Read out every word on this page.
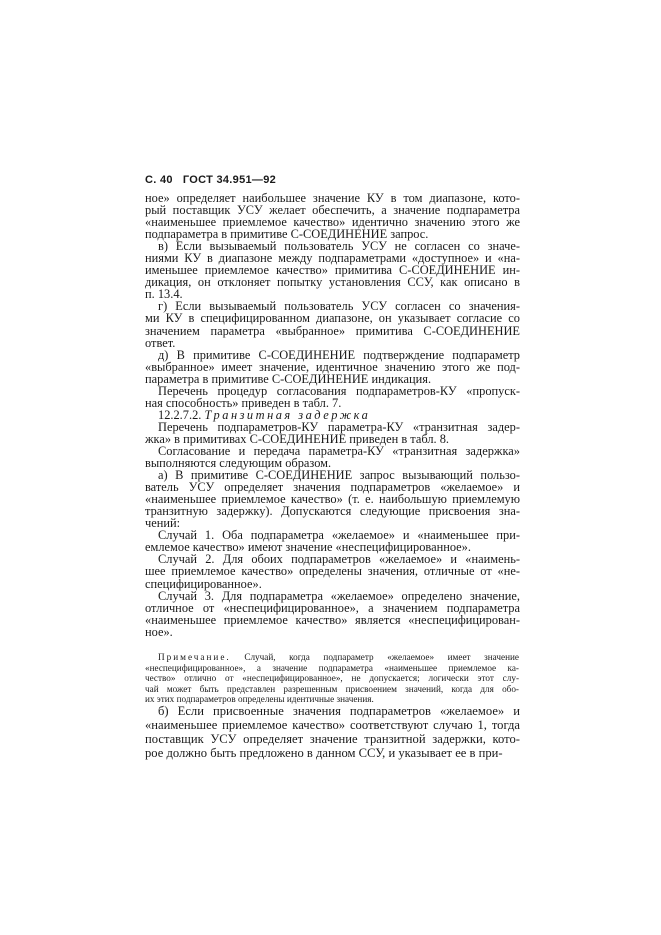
С. 40 ГОСТ 34.951—92
ное» определяет наибольшее значение КУ в том диапазоне, кото-
рый поставщик УСУ желает обеспечить, а значение подпараметра
«наименьшее приемлемое качество» идентично значению этого же
подпараметра в примитиве С-СОЕДИНЕНИЕ запрос.
в) Если вызываемый пользователь УСУ не согласен со значе-
ниями КУ в диапазоне между подпараметрами «доступное» и «на-
именьшее приемлемое качество» примитива С-СОЕДИНЕНИЕ ин-
дикация, он отклоняет попытку установления ССУ, как описано в
п. 13.4.
г) Если вызываемый пользователь УСУ согласен со значения-
ми КУ в специфицированном диапазоне, он указывает согласие со
значением параметра «выбранное» примитива С-СОЕДИНЕНИЕ
ответ.
д) В примитиве С-СОЕДИНЕНИЕ подтверждение подпараметр
«выбранное» имеет значение, идентичное значению этого же под-
параметра в примитиве С-СОЕДИНЕНИЕ индикация.
Перечень процедур согласования подпараметров-КУ «пропуск-
ная способность» приведен в табл. 7.
12.2.7.2. Транзитная задержка
Перечень подпараметров-КУ параметра-КУ «транзитная задер-
жка» в примитивах С-СОЕДИНЕНИЕ приведен в табл. 8.
Согласование и передача параметра-КУ «транзитная задержка»
выполняются следующим образом.
а) В примитиве С-СОЕДИНЕНИЕ запрос вызывающий пользо-
ватель УСУ определяет значения подпараметров «желаемое» и
«наименьшее приемлемое качество» (т. е. наибольшую приемлемую
транзитную задержку). Допускаются следующие присвоения зна-
чений:
Случай 1. Оба подпараметра «желаемое» и «наименьшее при-
емлемое качество» имеют значение «неспецифицированное».
Случай 2. Для обоих подпараметров «желаемое» и «наимень-
шее приемлемое качество» определены значения, отличные от «не-
специфицированное».
Случай 3. Для подпараметра «желаемое» определено значение,
отличное от «неспецифицированное», а значением подпараметра
«наименьшее приемлемое качество» является «неспецифицирован-
ное».
Примечание. Случай, когда подпараметр «желаемое» имеет значение
«неспецифицированное», а значение подпараметра «наименьшее приемлемое ка-
чество» отлично от «неспецифицированное», не допускается; логически этот слу-
чай может быть представлен разрешенным присвоением значений, когда для обо-
их этих подпараметров определены идентичные значения.
б) Если присвоенные значения подпараметров «желаемое» и
«наименьшее приемлемое качество» соответствуют случаю 1, тогда
поставщик УСУ определяет значение транзитной задержки, кото-
рое должно быть предложено в данном ССУ, и указывает ее в при-
